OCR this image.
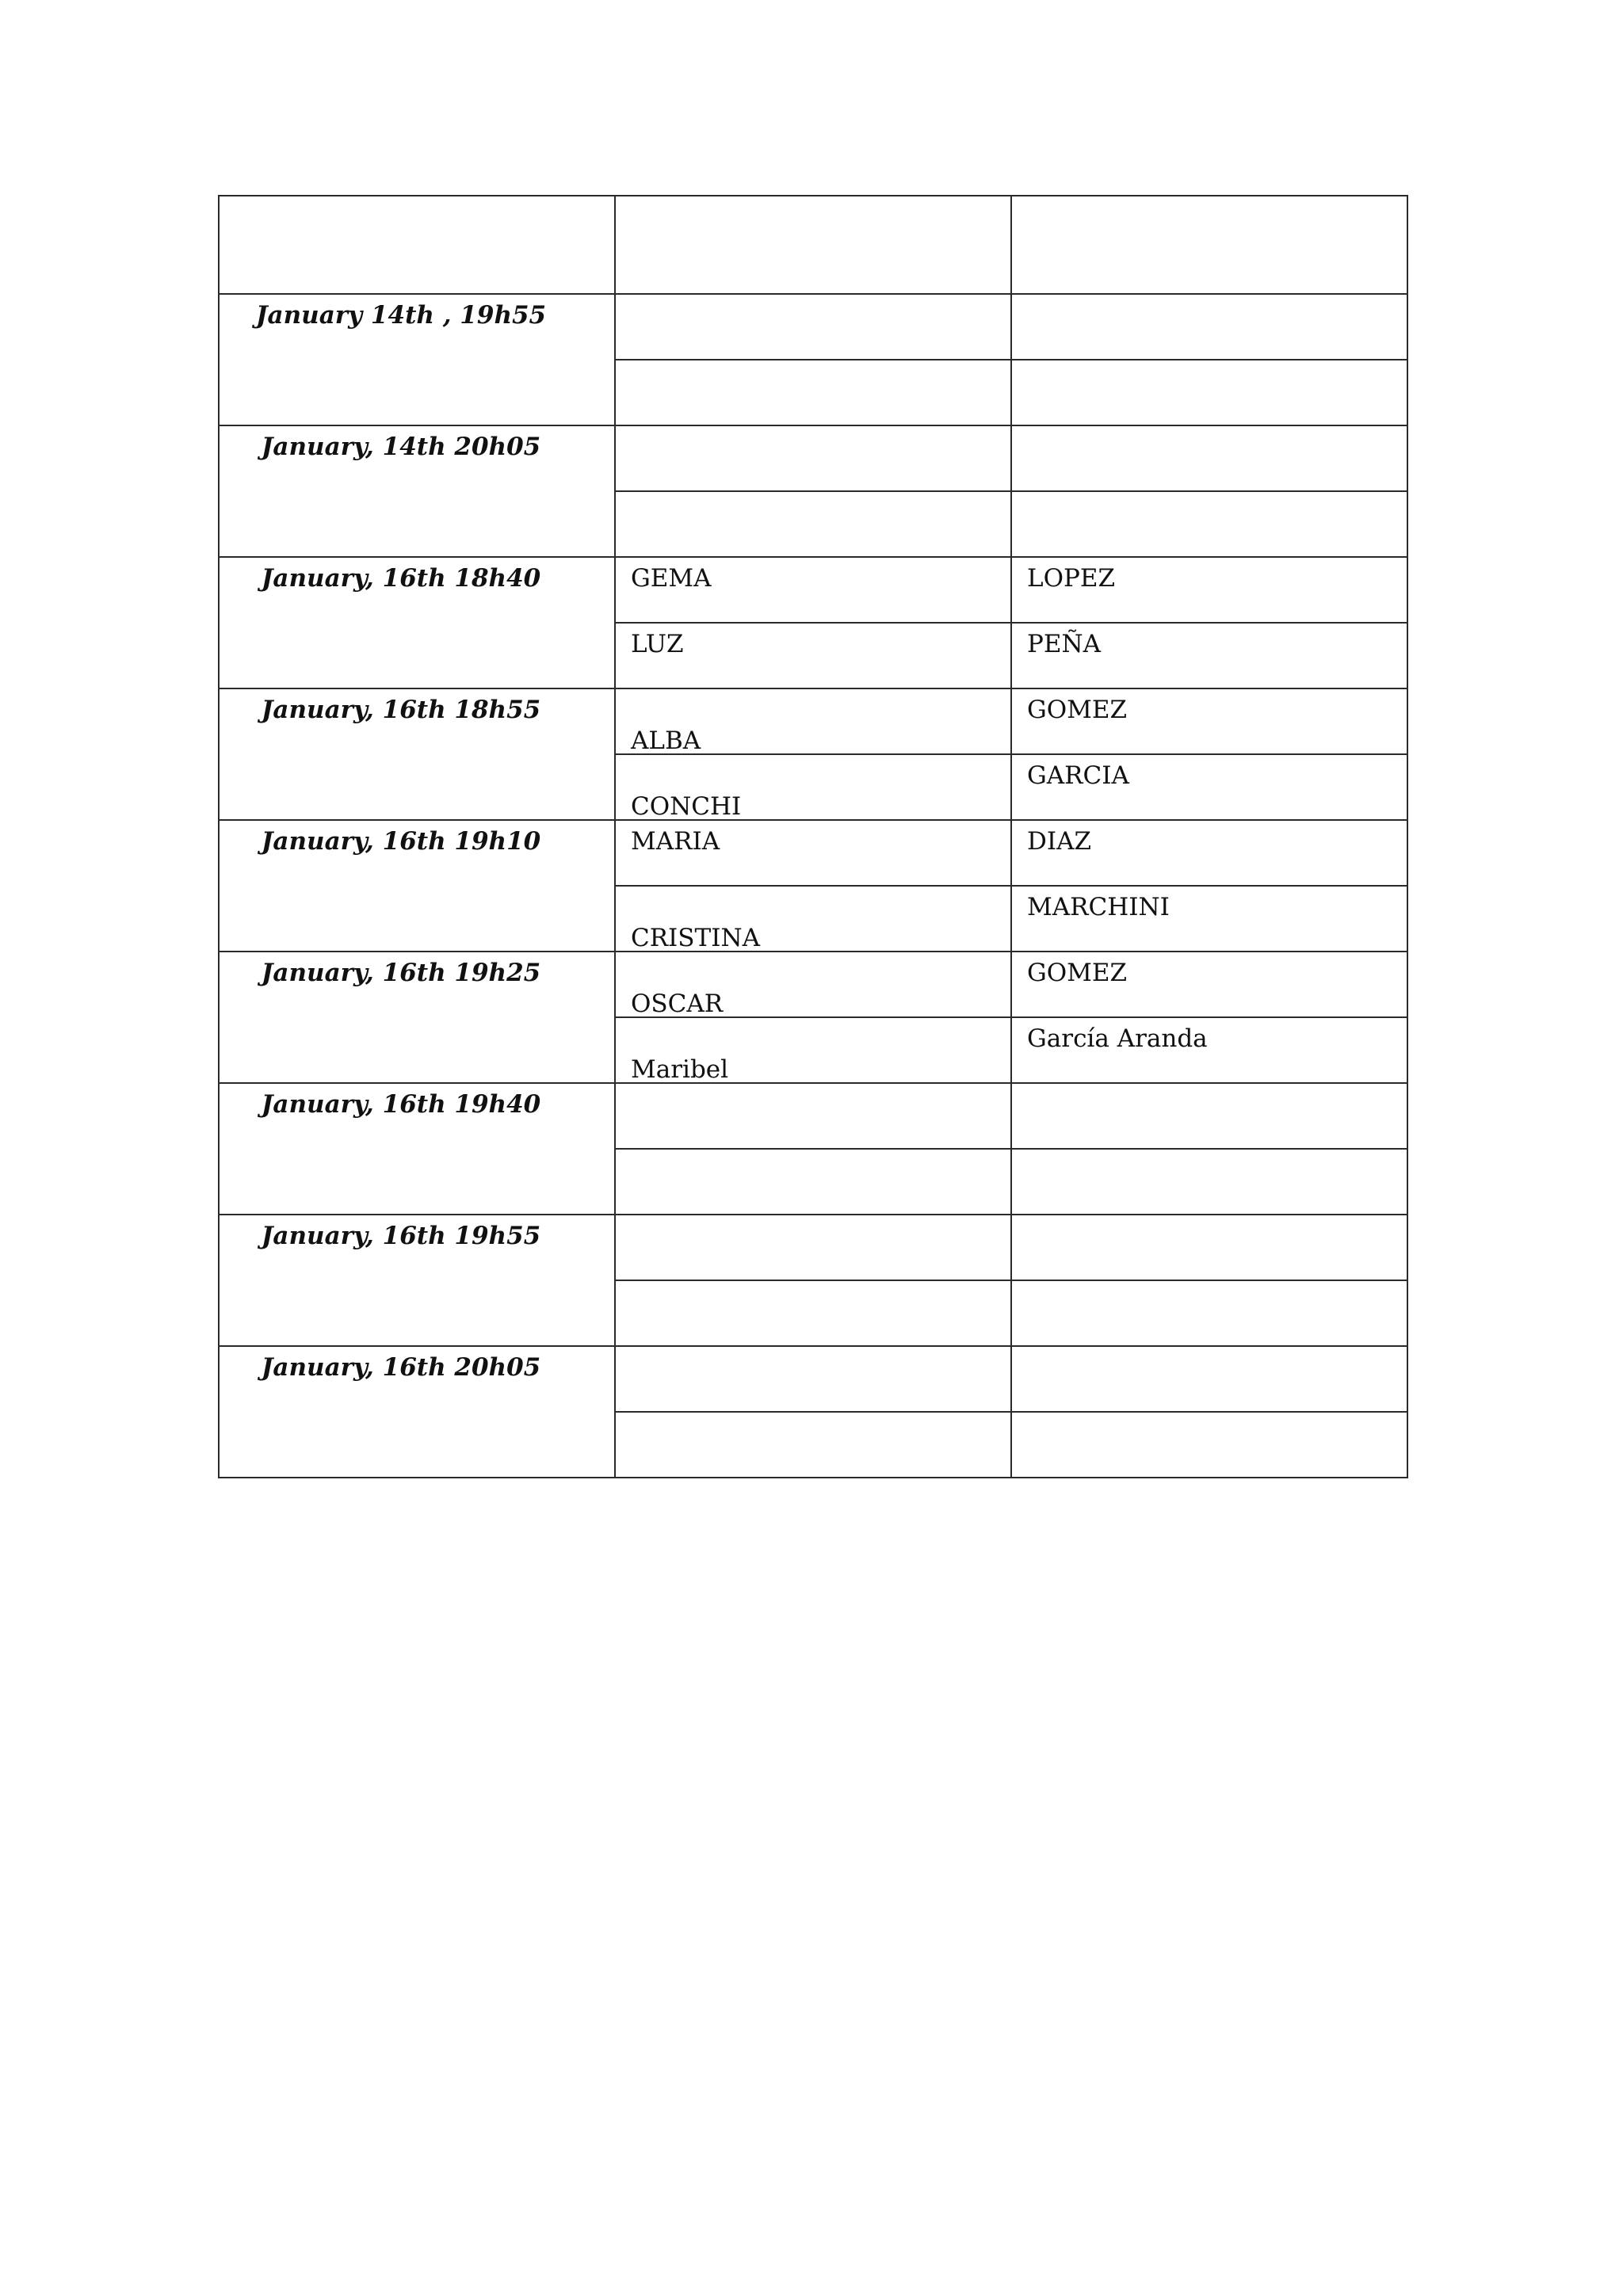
January 14th , 19h55		

January, 14th 20h05		

January, 16th 18h40	GEMA	LOPEZ

	LUZ	PEÑA

January, 16th 18h55	ALBA	GOMEZ

	CONCHI	GARCIA

January, 16th 19h10	MARIA	DIAZ

	CRISTINA	MARCHINI

January, 16th 19h25	OSCAR	GOMEZ

	Maribel	García Aranda

January, 16th 19h40		

January, 16th 19h55		

January, 16th 20h05		
